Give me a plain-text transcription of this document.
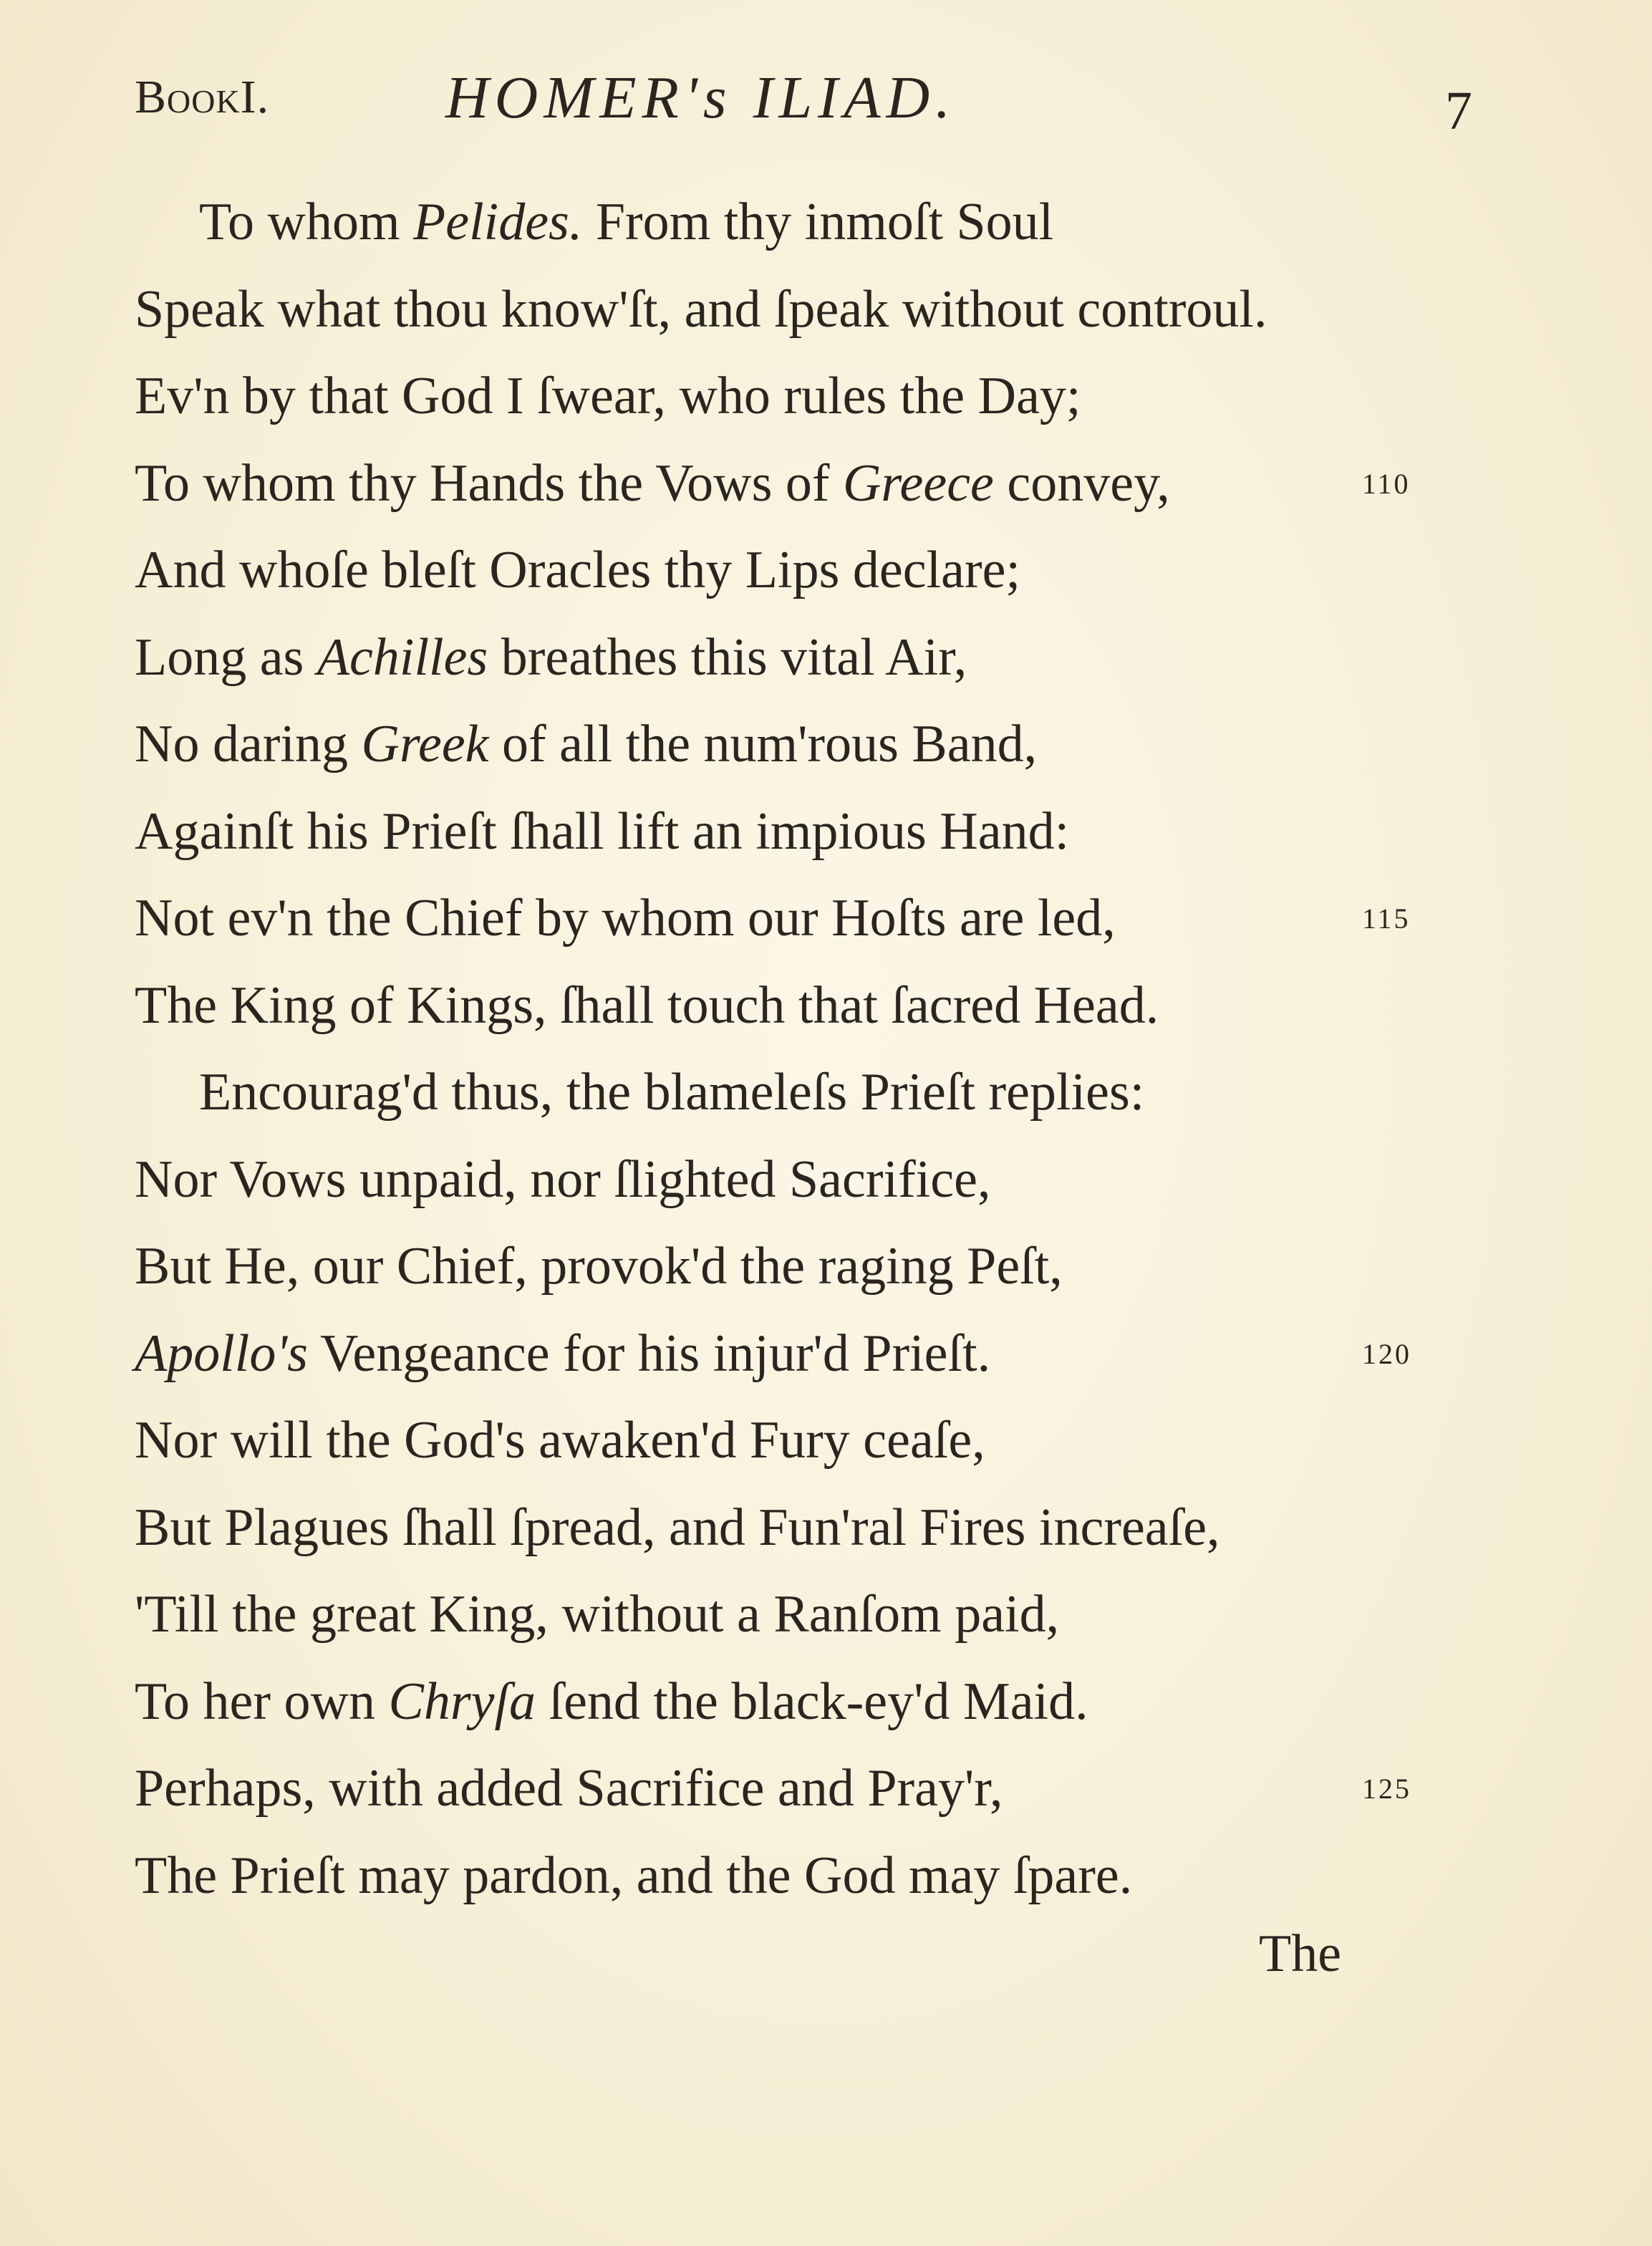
BookI.	HOMER's ILIAD.	7
To whom Pelides. From thy inmoſt Soul
Speak what thou know'ſt, and ſpeak without controul.
Ev'n by that God I ſwear, who rules the Day;
To whom thy Hands the Vows of Greece convey,	110
And whoſe bleſt Oracles thy Lips declare;
Long as Achilles breathes this vital Air,
No daring Greek of all the num'rous Band,
Againſt his Prieſt ſhall lift an impious Hand:
Not ev'n the Chief by whom our Hoſts are led,	115
The King of Kings, ſhall touch that ſacred Head.
Encourag'd thus, the blameleſs Prieſt replies:
Nor Vows unpaid, nor ſlighted Sacrifice,
But He, our Chief, provok'd the raging Peſt,
Apollo's Vengeance for his injur'd Prieſt.	120
Nor will the God's awaken'd Fury ceaſe,
But Plagues ſhall ſpread, and Fun'ral Fires increaſe,
'Till the great King, without a Ranſom paid,
To her own Chryſa ſend the black-ey'd Maid.
Perhaps, with added Sacrifice and Pray'r,	125
The Prieſt may pardon, and the God may ſpare.
The
